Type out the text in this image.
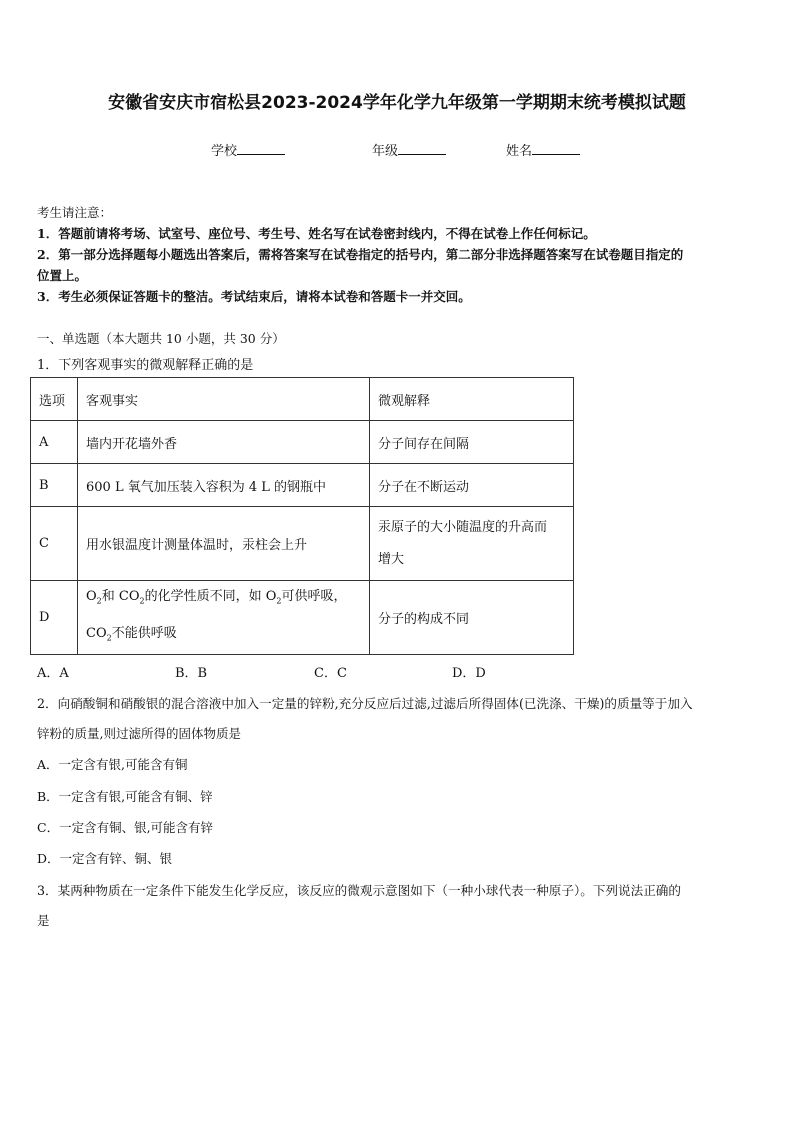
安徽省安庆市宿松县2023-2024学年化学九年级第一学期期末统考模拟试题
学校	年级	姓名
考生请注意：
1．答题前请将考场、试室号、座位号、考生号、姓名写在试卷密封线内，不得在试卷上作任何标记。
2．第一部分选择题每小题选出答案后，需将答案写在试卷指定的括号内，第二部分非选择题答案写在试卷题目指定的
位置上。
3．考生必须保证答题卡的整洁。考试结束后，请将本试卷和答题卡一并交回。
一、单选题（本大题共 10 小题，共 30 分）
1．下列客观事实的微观解释正确的是
选项	客观事实	微观解释
A	墙内开花墙外香	分子间存在间隔
B	600 L 氧气加压装入容积为 4 L 的钢瓶中	分子在不断运动
C	用水银温度计测量体温时，汞柱会上升	汞原子的大小随温度的升高而
增大

D	$O_2$和 $CO_2$的化学性质不同，如 $O_2$可供呼吸，
$CO_2$不能供呼吸	分子的构成不同
A．A	B．B	C．C	D．D
2．向硝酸铜和硝酸银的混合溶液中加入一定量的锌粉,充分反应后过滤,过滤后所得固体(已洗涤、干燥)的质量等于加入
锌粉的质量,则过滤所得的固体物质是
A．一定含有银,可能含有铜
B．一定含有银,可能含有铜、锌
C．一定含有铜、银,可能含有锌
D．一定含有锌、铜、银
3．某两种物质在一定条件下能发生化学反应，该反应的微观示意图如下（一种小球代表一种原子）。下列说法正确的
是
